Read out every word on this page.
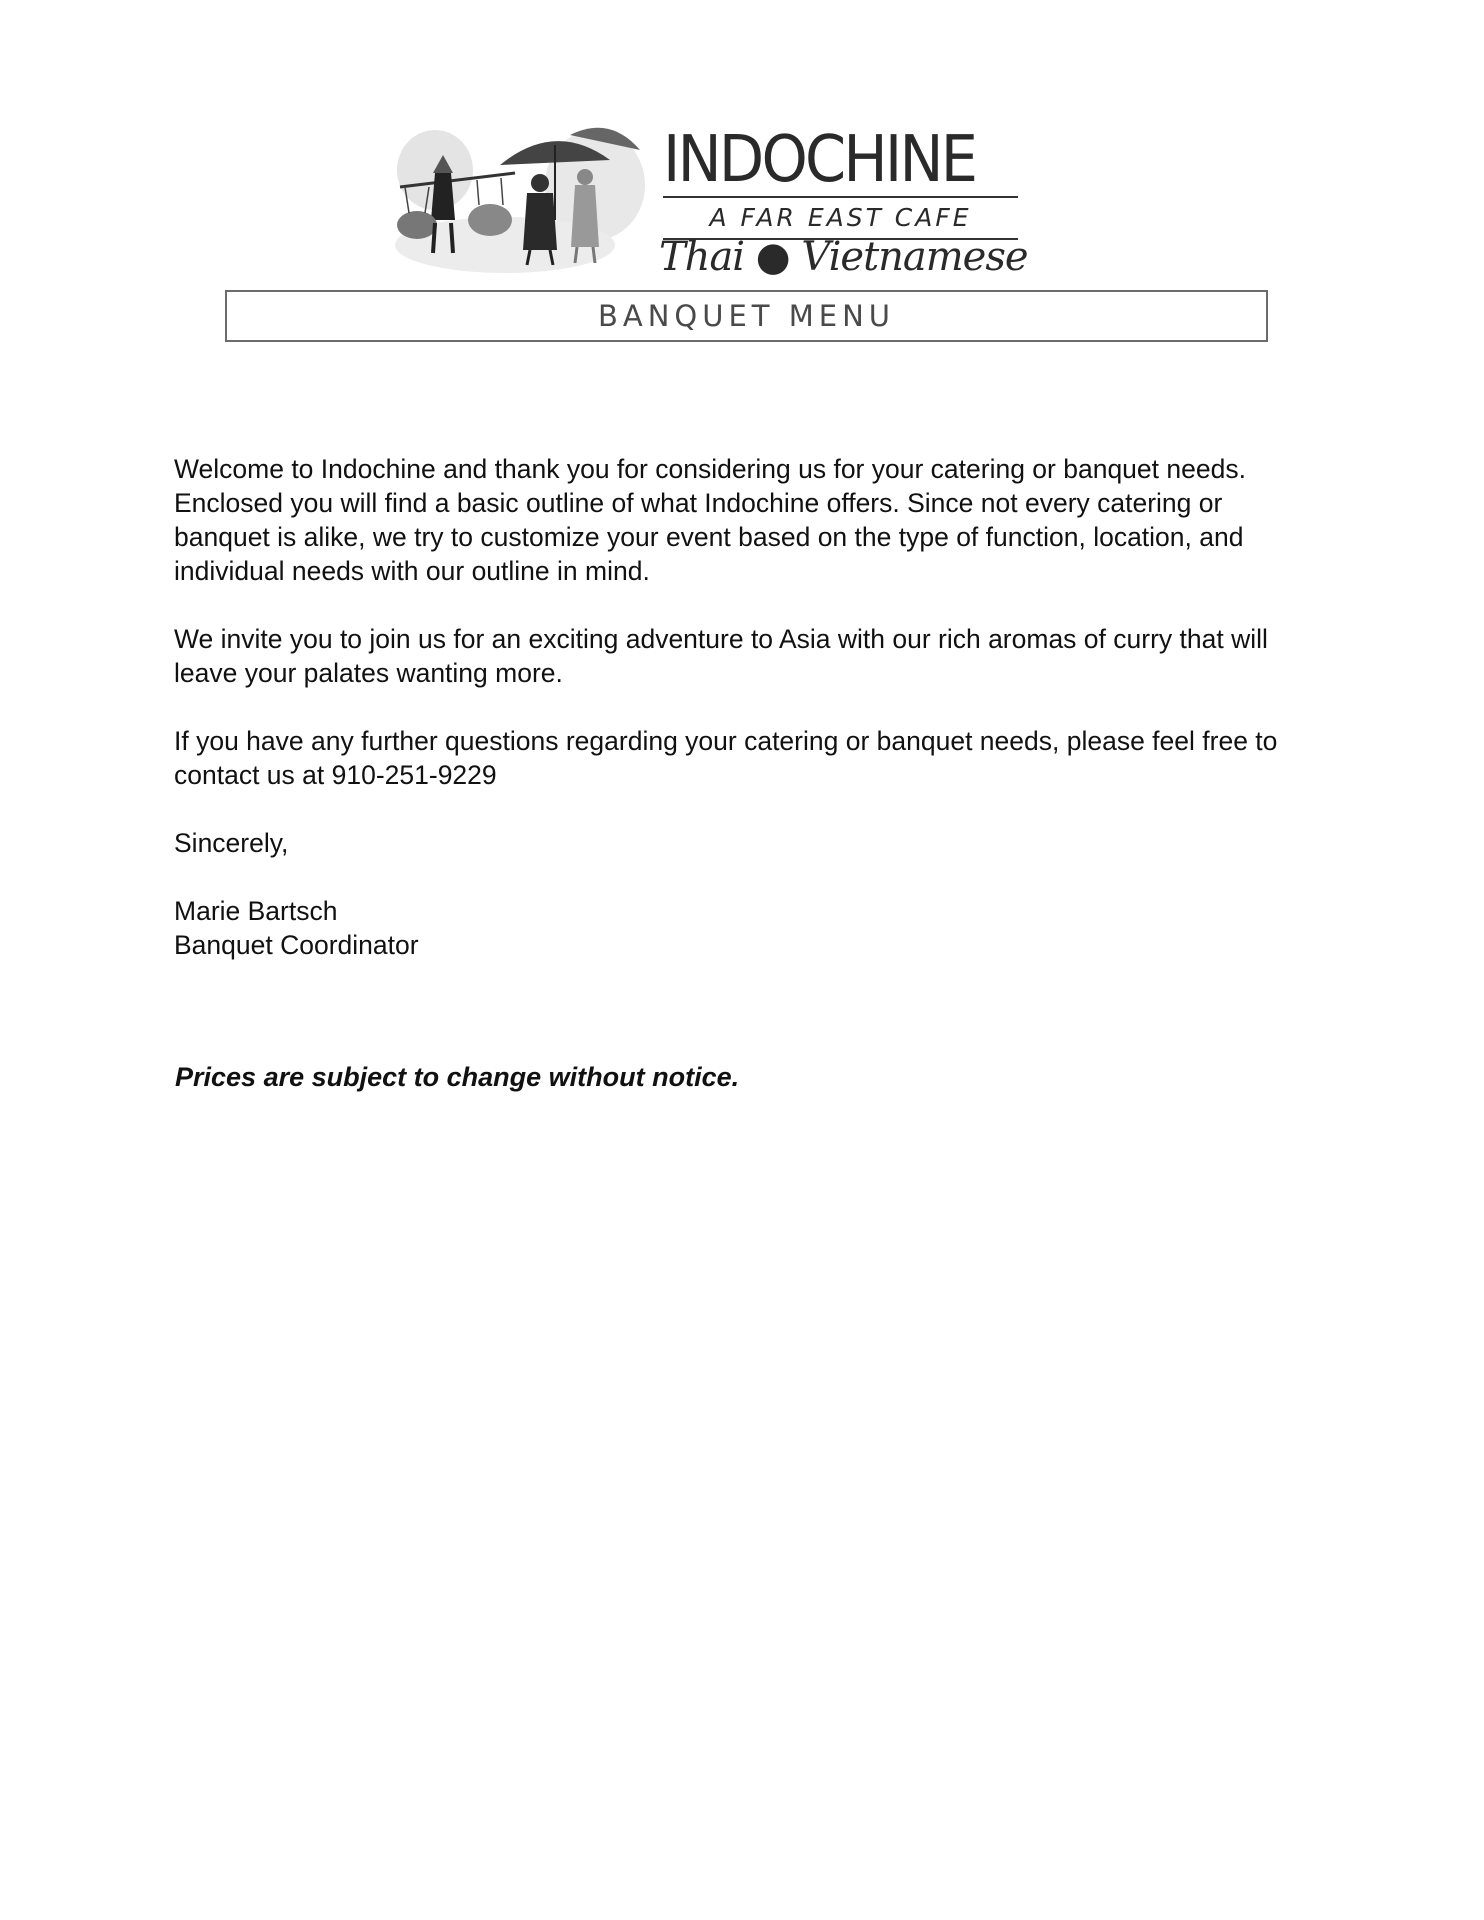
INDOCHINE
A FAR EAST CAFE
Thai ● Vietnamese
BANQUET MENU

Welcome to Indochine and thank you for considering us for your catering or banquet needs. Enclosed you will find a basic outline of what Indochine offers. Since not every catering or banquet is alike, we try to customize your event based on the type of function, location, and individual needs with our outline in mind.

We invite you to join us for an exciting adventure to Asia with our rich aromas of curry that will leave your palates wanting more.

If you have any further questions regarding your catering or banquet needs, please feel free to contact us at 910-251-9229

Sincerely,

Marie Bartsch

Banquet Coordinator

Prices are subject to change without notice.
